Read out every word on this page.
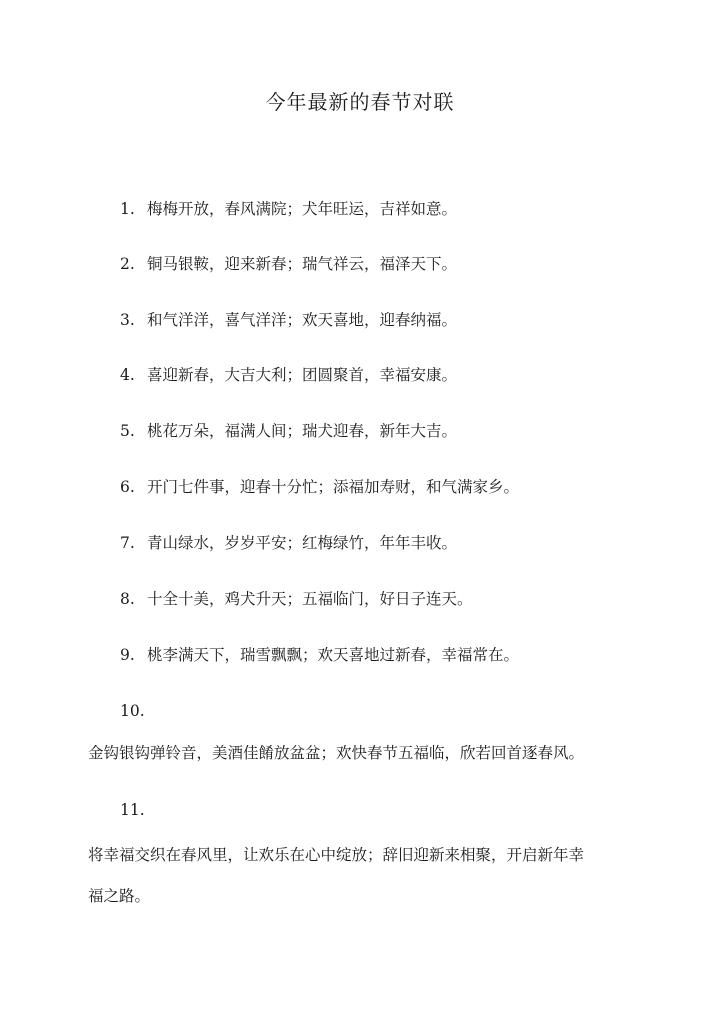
今年最新的春节对联
1. 梅梅开放，春风满院；犬年旺运，吉祥如意。
2. 铜马银鞍，迎来新春；瑞气祥云，福泽天下。
3. 和气洋洋，喜气洋洋；欢天喜地，迎春纳福。
4. 喜迎新春，大吉大利；团圆聚首，幸福安康。
5. 桃花万朵，福满人间；瑞犬迎春，新年大吉。
6. 开门七件事，迎春十分忙；添福加寿财，和气满家乡。
7. 青山绿水，岁岁平安；红梅绿竹，年年丰收。
8. 十全十美，鸡犬升天；五福临门，好日子连天。
9. 桃李满天下，瑞雪飘飘；欢天喜地过新春，幸福常在。
10.
金钩银钩弹铃音，美酒佳餚放盆盆；欢快春节五福临，欣若回首逐春风。
11.
将幸福交织在春风里，让欢乐在心中绽放；辞旧迎新来相聚，开启新年幸
福之路。
